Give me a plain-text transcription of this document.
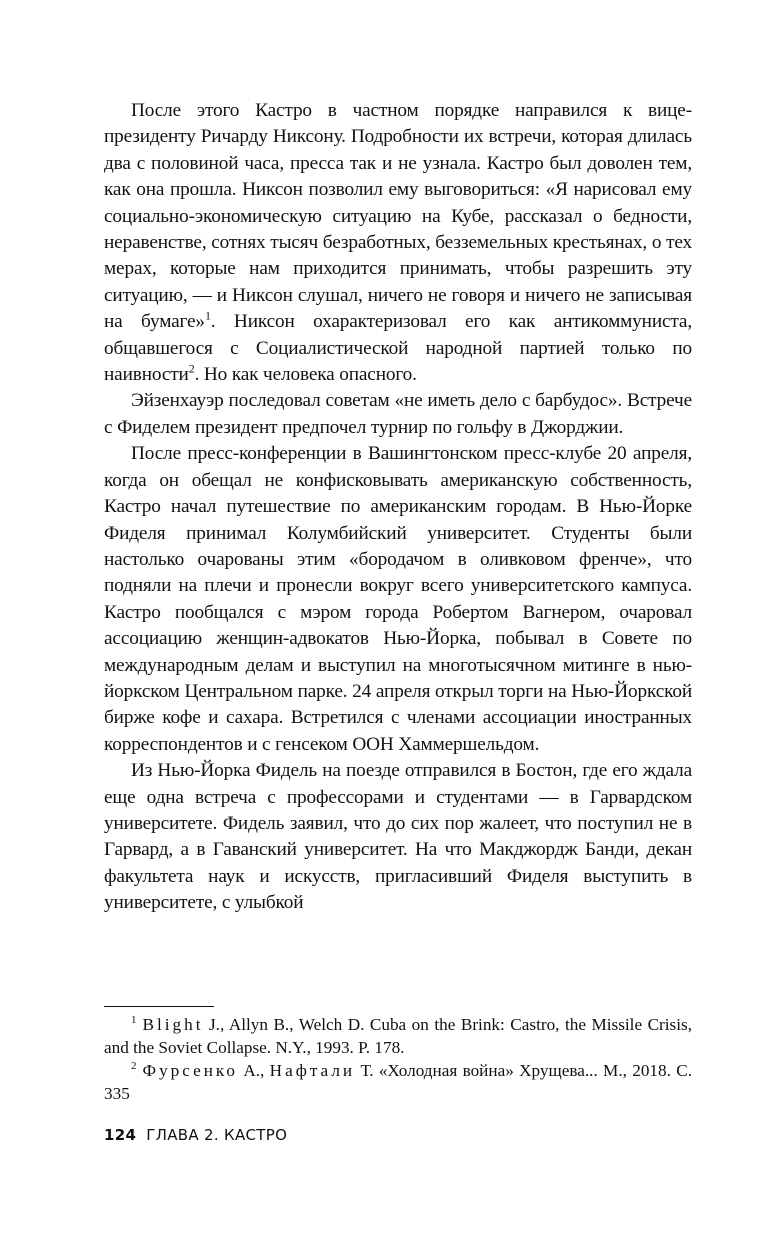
После этого Кастро в частном порядке направился к вице-президенту Ричарду Никсону. Подробности их встречи, которая длилась два с половиной часа, пресса так и не узнала. Кастро был доволен тем, как она прошла. Никсон позволил ему выговориться: «Я нарисовал ему социально-экономическую ситуацию на Кубе, рассказал о бедности, неравенстве, сотнях тысяч безработных, безземельных крестьянах, о тех мерах, которые нам приходится принимать, чтобы разрешить эту ситуацию, — и Никсон слушал, ничего не говоря и ничего не записывая на бумаге»$^1$. Никсон охарактеризовал его как антикоммуниста, общавшегося с Социалистической народной партией только по наивности$^2$. Но как человека опасного.

Эйзенхауэр последовал советам «не иметь дело с барбудос». Встрече с Фиделем президент предпочел турнир по гольфу в Джорджии.

После пресс-конференции в Вашингтонском пресс-клубе 20 апреля, когда он обещал не конфисковывать американскую собственность, Кастро начал путешествие по американским городам. В Нью-Йорке Фиделя принимал Колумбийский университет. Студенты были настолько очарованы этим «бородачом в оливковом френче», что подняли на плечи и пронесли вокруг всего университетского кампуса. Кастро пообщался с мэром города Робертом Вагнером, очаровал ассоциацию женщин-адвокатов Нью-Йорка, побывал в Совете по международным делам и выступил на многотысячном митинге в нью-йоркском Центральном парке. 24 апреля открыл торги на Нью-Йоркской бирже кофе и сахара. Встретился с членами ассоциации иностранных корреспондентов и с генсеком ООН Хаммершельдом.

Из Нью-Йорка Фидель на поезде отправился в Бостон, где его ждала еще одна встреча с профессорами и студентами — в Гарвардском университете. Фидель заявил, что до сих пор жалеет, что поступил не в Гарвард, а в Гаванский университет. На что Макджордж Банди, декан факультета наук и искусств, пригласивший Фиделя выступить в университете, с улыбкой

$^1$ Blight J., Allyn B., Welch D. Cuba on the Brink: Castro, the Missile Crisis, and the Soviet Collapse. N.Y., 1993. P. 178.

$^2$ Фурсенко А., Нафтали Т. «Холодная война» Хрущева... М., 2018. С. 335

124 ГЛАВА 2. КАСТРО
